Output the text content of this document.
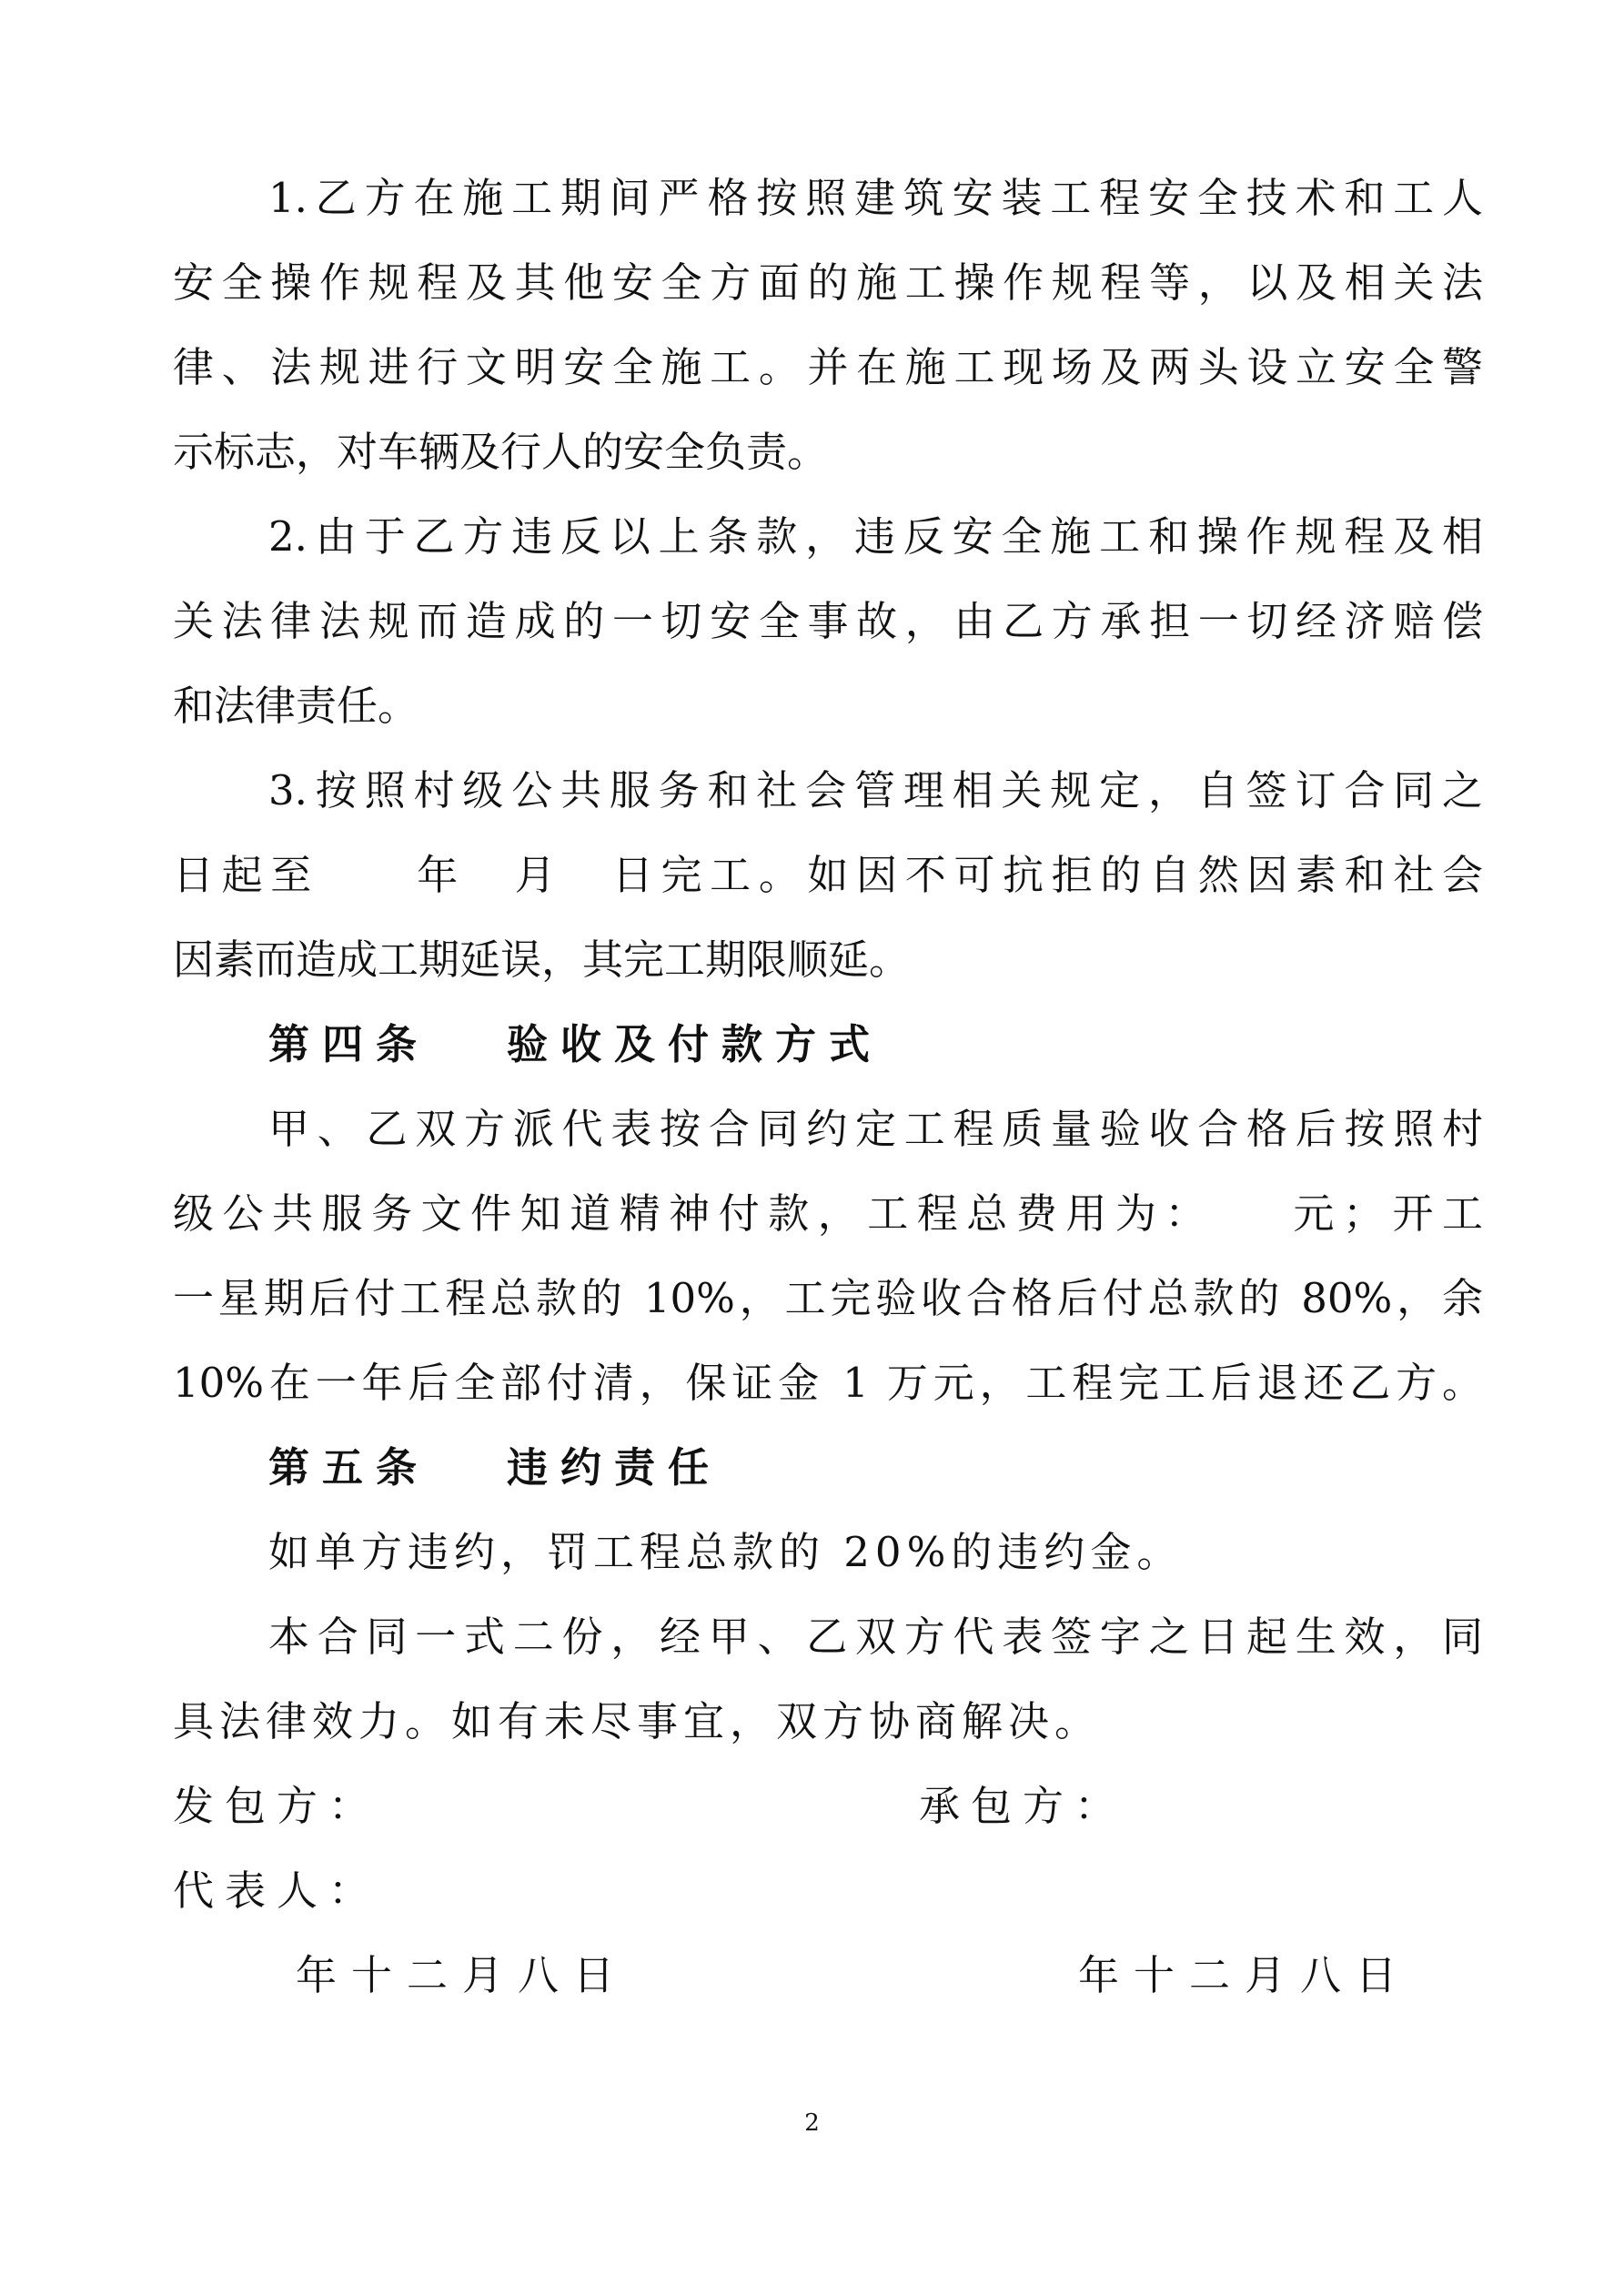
1.乙方在施工期间严格按照建筑安装工程安全技术和工人
安全操作规程及其他安全方面的施工操作规程等，以及相关法
律、法规进行文明安全施工。并在施工现场及两头设立安全警
示标志，对车辆及行人的安全负责。
2.由于乙方违反以上条款，违反安全施工和操作规程及相
关法律法规而造成的一切安全事故，由乙方承担一切经济赔偿
和法律责任。
3.按照村级公共服务和社会管理相关规定，自签订合同之
日起至　　年　月　日完工。如因不可抗拒的自然因素和社会
因素而造成工期延误，其完工期限顺延。
第四条 验收及付款方式
甲、乙双方派代表按合同约定工程质量验收合格后按照村
级公共服务文件知道精神付款，工程总费用为：　　元；开工
一星期后付工程总款的 10%，工完验收合格后付总款的 80%，余
10%在一年后全部付清，保证金 1 万元，工程完工后退还乙方。
第五条 违约责任
如单方违约，罚工程总款的 20%的违约金。
本合同一式二份，经甲、乙双方代表签字之日起生效，同
具法律效力。如有未尽事宜，双方协商解决。
发包方：	承包方：
代表人：
年十二月八日	年十二月八日
2
